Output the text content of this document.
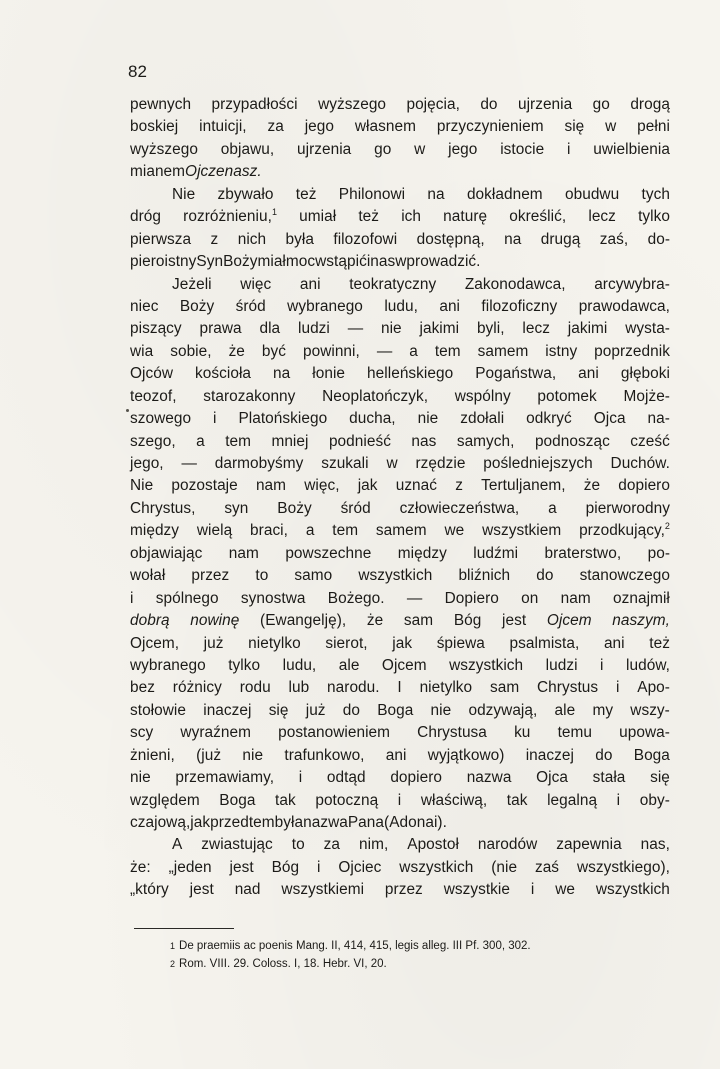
82
pewnych przypadłości wyższego pojęcia, do ujrzenia go drogą
boskiej intuicji, za jego własnem przyczynieniem się w pełni
wyższego objawu, ujrzenia go w jego istocie i uwielbienia
mianem Ojcze nasz.
Nie zbywało też Philonowi na dokładnem obudwu tych
dróg rozróżnieniu,$^1$ umiał też ich naturę określić, lecz tylko
pierwsza z nich była filozofowi dostępną, na drugą zaś, do-
piero istny Syn Boży miał moc wstąpić i nas wprowadzić.
Jeżeli więc ani teokratyczny Zakonodawca, arcywybra-
niec Boży śród wybranego ludu, ani filozoficzny prawodawca,
piszący prawa dla ludzi — nie jakimi byli, lecz jakimi wysta-
wia sobie, że być powinni, — a tem samem istny poprzednik
Ojców kościoła na łonie helleńskiego Pogaństwa, ani głęboki
teozof, starozakonny Neoplatończyk, wspólny potomek Mojże-
szowego i Platońskiego ducha, nie zdołali odkryć Ojca na-
szego, a tem mniej podnieść nas samych, podnosząc cześć
jego, — darmobyśmy szukali w rzędzie pośledniejszych Duchów.
Nie pozostaje nam więc, jak uznać z Tertuljanem, że dopiero
Chrystus, syn Boży śród człowieczeństwa, a pierworodny
między wielą braci, a tem samem we wszystkiem przodkujący,$^2$
objawiając nam powszechne między ludźmi braterstwo, po-
wołał przez to samo wszystkich bliźnich do stanowczego
i spólnego synostwa Bożego. — Dopiero on nam oznajmił
dobrą nowinę (Ewangelję), że sam Bóg jest Ojcem naszym,
Ojcem, już nietylko sierot, jak śpiewa psalmista, ani też
wybranego tylko ludu, ale Ojcem wszystkich ludzi i ludów,
bez różnicy rodu lub narodu. I nietylko sam Chrystus i Apo-
stołowie inaczej się już do Boga nie odzywają, ale my wszy-
scy wyraźnem postanowieniem Chrystusa ku temu upowa-
żnieni, (już nie trafunkowo, ani wyjątkowo) inaczej do Boga
nie przemawiamy, i odtąd dopiero nazwa Ojca stała się
względem Boga tak potoczną i właściwą, tak legalną i oby-
czajową, jak przedtem była nazwa Pana (Adonai).
A zwiastując to za nim, Apostoł narodów zapewnia nas,
że: „jeden jest Bóg i Ojciec wszystkich (nie zaś wszystkiego),
„który jest nad wszystkiemi przez wszystkie i we wszystkich
1 De praemiis ac poenis Mang. II, 414, 415, legis alleg. III Pf. 300, 302.
2 Rom. VIII. 29. Coloss. I, 18. Hebr. VI, 20.
